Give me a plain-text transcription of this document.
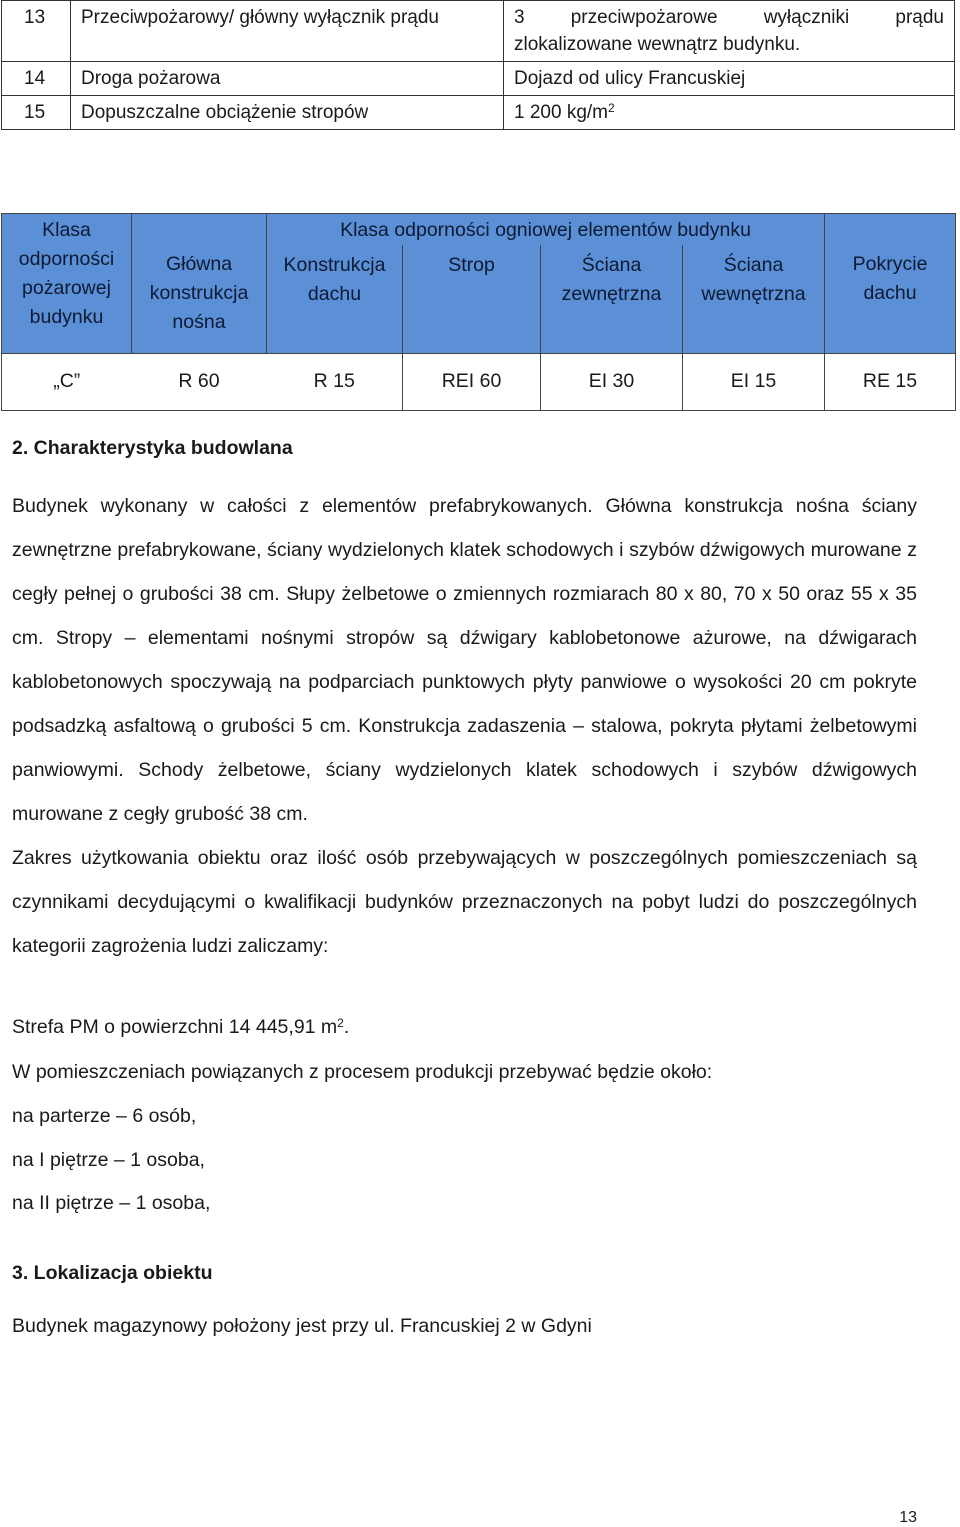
13	Przeciwpożarowy/ główny wyłącznik prądu	3 przeciwpożarowe wyłączniki prądu
zlokalizowane wewnątrz budynku.

14	Droga pożarowa	Dojazd od ulicy Francuskiej
15	Dopuszczalne obciążenie stropów	1 200 $kg/m^2$
Klasa odporności pożarowej budynku	Główna konstrukcja nośna	Klasa odporności ogniowej elementów budynku				Pokrycie dachu
		Konstrukcja dachu	Strop	Ściana zewnętrzna	Ściana wewnętrzna	
„C”	R 60	R 15	REI 60	EI 30	EI 15	RE 15
2. Charakterystyka budowlana

Budynek wykonany w całości z elementów prefabrykowanych. Główna konstrukcja nośna ściany zewnętrzne prefabrykowane, ściany wydzielonych klatek schodowych i szybów dźwigowych murowane z cegły pełnej o grubości 38 cm. Słupy żelbetowe o zmiennych rozmiarach 80 x 80, 70 x 50 oraz 55 x 35 cm. Stropy – elementami nośnymi stropów są dźwigary kablobetonowe ażurowe, na dźwigarach kablobetonowych spoczywają na podparciach punktowych płyty panwiowe o wysokości 20 cm pokryte podsadzką asfaltową o grubości 5 cm. Konstrukcja zadaszenia – stalowa, pokryta płytami żelbetowymi panwiowymi. Schody żelbetowe, ściany wydzielonych klatek schodowych i szybów dźwigowych murowane z cegły grubość 38 cm.

Zakres użytkowania obiektu oraz ilość osób przebywających w poszczególnych pomieszczeniach są czynnikami decydującymi o kwalifikacji budynków przeznaczonych na pobyt ludzi do poszczególnych kategorii zagrożenia ludzi zaliczamy:

Strefa PM o powierzchni 14 445,91 $m^2$.

W pomieszczeniach powiązanych z procesem produkcji przebywać będzie około:

na parterze – 6 osób,

na I piętrze – 1 osoba,

na II piętrze – 1 osoba,

3. Lokalizacja obiektu

Budynek magazynowy położony jest przy ul. Francuskiej 2 w Gdyni

13
